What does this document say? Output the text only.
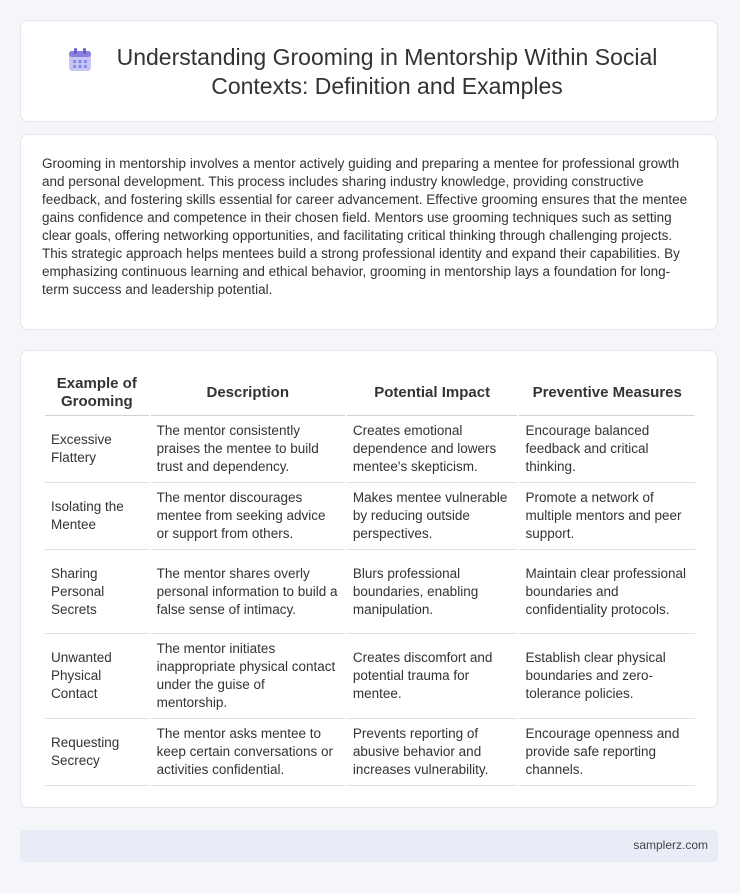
Understanding Grooming in Mentorship Within Social Contexts: Definition and Examples

Grooming in mentorship involves a mentor actively guiding and preparing a mentee for professional growth and personal development. This process includes sharing industry knowledge, providing constructive feedback, and fostering skills essential for career advancement. Effective grooming ensures that the mentee gains confidence and competence in their chosen field. Mentors use grooming techniques such as setting clear goals, offering networking opportunities, and facilitating critical thinking through challenging projects. This strategic approach helps mentees build a strong professional identity and expand their capabilities. By emphasizing continuous learning and ethical behavior, grooming in mentorship lays a foundation for long-term success and leadership potential.

Example of Grooming	Description	Potential Impact	Preventive Measures
Excessive Flattery	The mentor consistently praises the mentee to build trust and dependency.	Creates emotional dependence and lowers mentee's skepticism.	Encourage balanced feedback and critical thinking.
Isolating the Mentee	The mentor discourages mentee from seeking advice or support from others.	Makes mentee vulnerable by reducing outside perspectives.	Promote a network of multiple mentors and peer support.
Sharing Personal Secrets	The mentor shares overly personal information to build a false sense of intimacy.	Blurs professional boundaries, enabling manipulation.	Maintain clear professional boundaries and confidentiality protocols.
Unwanted Physical Contact	The mentor initiates inappropriate physical contact under the guise of mentorship.	Creates discomfort and potential trauma for mentee.	Establish clear physical boundaries and zero-tolerance policies.
Requesting Secrecy	The mentor asks mentee to keep certain conversations or activities confidential.	Prevents reporting of abusive behavior and increases vulnerability.	Encourage openness and provide safe reporting channels.
samplerz.com
